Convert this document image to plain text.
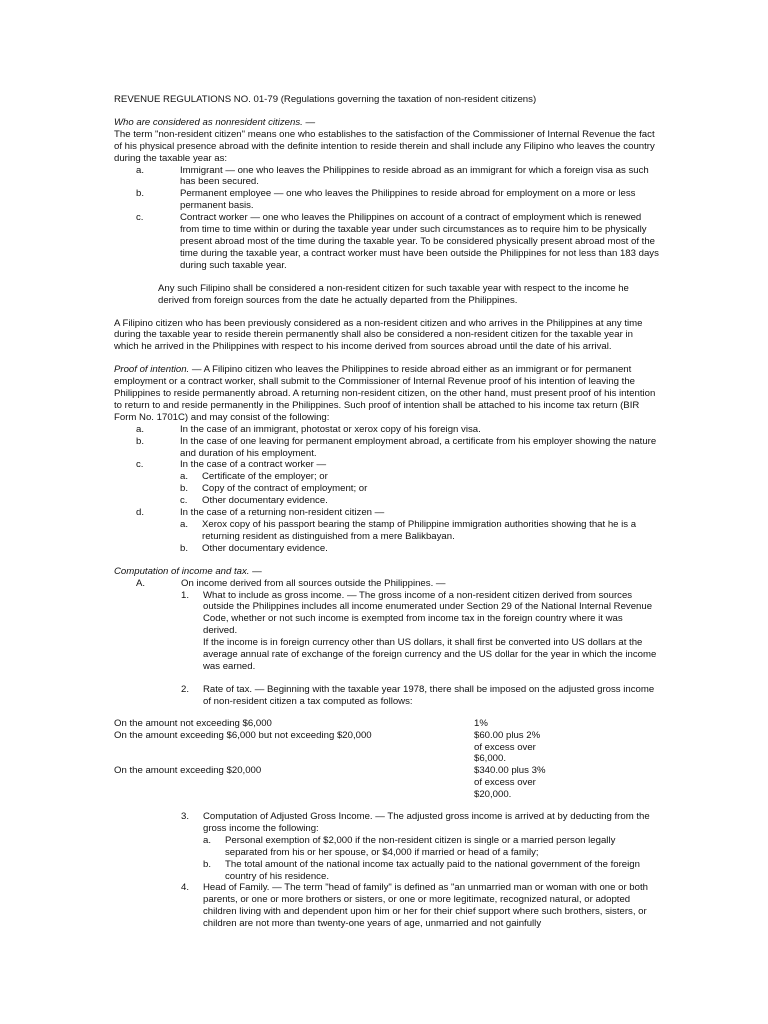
REVENUE REGULATIONS NO. 01-79 (Regulations governing the taxation of non-resident citizens)

Who are considered as nonresident citizens. —

The term "non-resident citizen" means one who establishes to the satisfaction of the Commissioner of Internal Revenue the fact of his physical presence abroad with the definite intention to reside therein and shall include any Filipino who leaves the country during the taxable year as:

a.	Immigrant — one who leaves the Philippines to reside abroad as an immigrant for which a foreign visa as such has been secured.
b.	Permanent employee — one who leaves the Philippines to reside abroad for employment on a more or less permanent basis.
c.	Contract worker — one who leaves the Philippines on account of a contract of employment which is renewed from time to time within or during the taxable year under such circumstances as to require him to be physically present abroad most of the time during the taxable year. To be considered physically present abroad most of the time during the taxable year, a contract worker must have been outside the Philippines for not less than 183 days during such taxable year.

Any such Filipino shall be considered a non-resident citizen for such taxable year with respect to the income he derived from foreign sources from the date he actually departed from the Philippines.

A Filipino citizen who has been previously considered as a non-resident citizen and who arrives in the Philippines at any time during the taxable year to reside therein permanently shall also be considered a non-resident citizen for the taxable year in which he arrived in the Philippines with respect to his income derived from sources abroad until the date of his arrival.

Proof of intention. — A Filipino citizen who leaves the Philippines to reside abroad either as an immigrant or for permanent employment or a contract worker, shall submit to the Commissioner of Internal Revenue proof of his intention of leaving the Philippines to reside permanently abroad. A returning non-resident citizen, on the other hand, must present proof of his intention to return to and reside permanently in the Philippines. Such proof of intention shall be attached to his income tax return (BIR Form No. 1701C) and may consist of the following:

a.	In the case of an immigrant, photostat or xerox copy of his foreign visa.
b.	In the case of one leaving for permanent employment abroad, a certificate from his employer showing the nature and duration of his employment.
c.	In the case of a contract worker —
a.	Certificate of the employer; or
b.	Copy of the contract of employment; or
c.	Other documentary evidence.
d.	In the case of a returning non-resident citizen —
a.	Xerox copy of his passport bearing the stamp of Philippine immigration authorities showing that he is a returning resident as distinguished from a mere Balikbayan.
b.	Other documentary evidence.

Computation of income and tax. —

A.	On income derived from all sources outside the Philippines. —
1.	What to include as gross income. — The gross income of a non-resident citizen derived from sources outside the Philippines includes all income enumerated under Section 29 of the National Internal Revenue Code, whether or not such income is exempted from income tax in the foreign country where it was derived.
If the income is in foreign currency other than US dollars, it shall first be converted into US dollars at the average annual rate of exchange of the foreign currency and the US dollar for the year in which the income was earned.
2.	Rate of tax. — Beginning with the taxable year 1978, there shall be imposed on the adjusted gross income of non-resident citizen a tax computed as follows:
On the amount not exceeding $6,000	1%
On the amount exceeding $6,000 but not exceeding $20,000	$60.00 plus 2% of excess over $6,000.
On the amount exceeding $20,000	$340.00 plus 3% of excess over $20,000.
3.	Computation of Adjusted Gross Income. — The adjusted gross income is arrived at by deducting from the gross income the following:
a.	Personal exemption of $2,000 if the non-resident citizen is single or a married person legally separated from his or her spouse, or $4,000 if married or head of a family;
b.	The total amount of the national income tax actually paid to the national government of the foreign country of his residence.
4.	Head of Family. — The term "head of family" is defined as "an unmarried man or woman with one or both parents, or one or more brothers or sisters, or one or more legitimate, recognized natural, or adopted children living with and dependent upon him or her for their chief support where such brothers, sisters, or children are not more than twenty-one years of age, unmarried and not gainfully
